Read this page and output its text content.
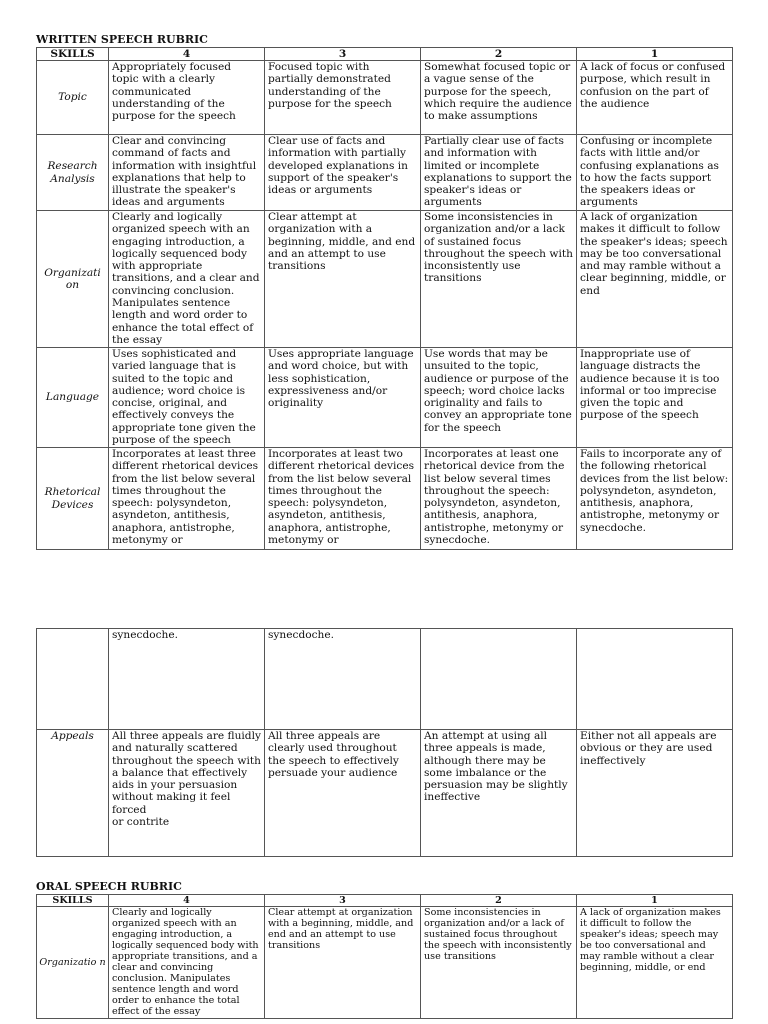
WRITTEN SPEECH RUBRIC
SKILLS	4	3	2	1
Topic	Appropriately focused topic with a clearly communicated understanding of the purpose for the speech	Focused topic with partially demonstrated understanding of the purpose for the speech	Somewhat focused topic or a vague sense of the purpose for the speech, which require the audience to make assumptions	A lack of focus or confused purpose, which result in confusion on the part of the audience
Research Analysis	Clear and convincing command of facts and information with insightful explanations that help to illustrate the speaker's ideas and arguments	Clear use of facts and information with partially developed explanations in support of the speaker's ideas or arguments	Partially clear use of facts and information with limited or incomplete explanations to support the speaker's ideas or arguments	Confusing or incomplete facts with little and/or confusing explanations as to how the facts support the speakers ideas or arguments
Organizati on	Clearly and logically organized speech with an engaging introduction, a logically sequenced body with appropriate transitions, and a clear and convincing conclusion. Manipulates sentence length and word order to enhance the total effect of the essay	Clear attempt at organization with a beginning, middle, and end and an attempt to use transitions	Some inconsistencies in organization and/or a lack of sustained focus throughout the speech with inconsistently use transitions	A lack of organization makes it difficult to follow the speaker's ideas; speech may be too conversational and may ramble without a clear beginning, middle, or end
Language	Uses sophisticated and varied language that is suited to the topic and audience; word choice is concise, original, and effectively conveys the appropriate tone given the purpose of the speech	Uses appropriate language and word choice, but with less sophistication, expressiveness and/or originality	Use words that may be unsuited to the topic, audience or purpose of the speech; word choice lacks originality and fails to convey an appropriate tone for the speech	Inappropriate use of language distracts the audience because it is too informal or too imprecise given the topic and purpose of the speech
Rhetorical Devices	Incorporates at least three different rhetorical devices from the list below several times throughout the speech: polysyndeton, asyndeton, antithesis, anaphora, antistrophe, metonymy or	Incorporates at least two different rhetorical devices from the list below several times throughout the speech: polysyndeton, asyndeton, antithesis, anaphora, antistrophe, metonymy or	Incorporates at least one rhetorical device from the list below several times throughout the speech: polysyndeton, asyndeton, antithesis, anaphora, antistrophe, metonymy or synecdoche.	Fails to incorporate any of the following rhetorical devices from the list below: polysyndeton, asyndeton, antithesis, anaphora, antistrophe, metonymy or synecdoche.
	synecdoche.	synecdoche.		
Appeals	All three appeals are fluidly
and naturally scattered throughout the speech with
a balance that effectively aids in your persuasion without making it feel forced
or contrite	All three appeals are clearly used throughout the speech to effectively persuade your audience	An attempt at using all three appeals is made, although there may be some imbalance or the persuasion may be slightly ineffective	Either not all appeals are obvious or they are used ineffectively
ORAL SPEECH RUBRIC
SKILLS	4	3	2	1
Organizatio n	Clearly and logically organized speech with an engaging introduction, a logically sequenced body with appropriate transitions, and a clear and convincing conclusion. Manipulates sentence length and word order to enhance the total effect of the essay	Clear attempt at organization with a beginning, middle, and end and an attempt to use transitions	Some inconsistencies in organization and/or a lack of sustained focus throughout the speech with inconsistently use transitions	A lack of organization makes it difficult to follow the speaker's ideas; speech may be too conversational and may ramble without a clear beginning, middle, or end
